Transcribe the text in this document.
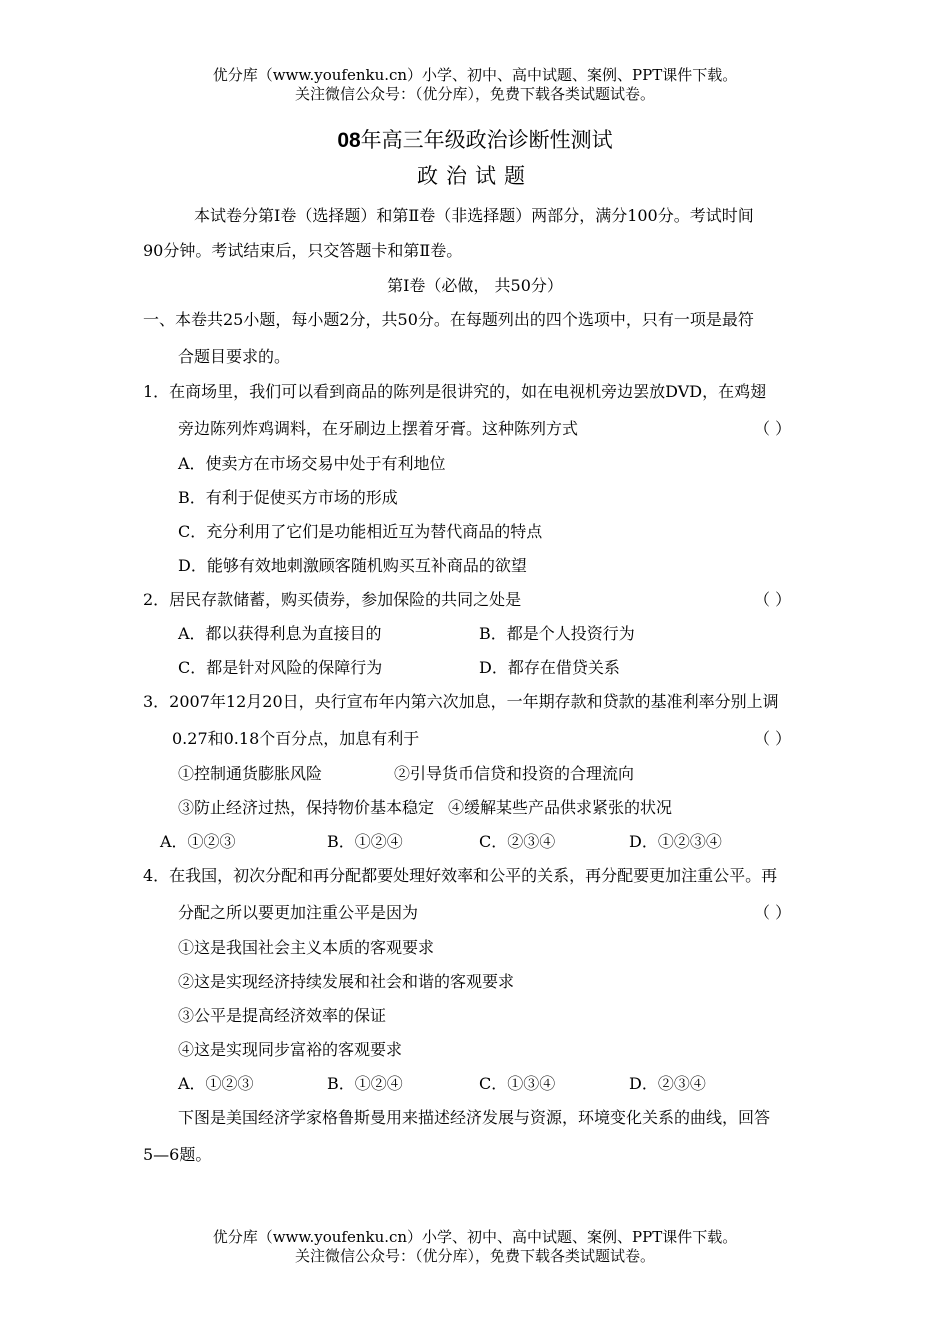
优分库（www.youfenku.cn）小学、初中、高中试题、案例、PPT课件下载。
关注微信公众号：（优分库），免费下载各类试题试卷。
08年高三年级政治诊断性测试
政治试题
本试卷分第Ⅰ卷（选择题）和第Ⅱ卷（非选择题）两部分，满分100分。考试时间
90分钟。考试结束后，只交答题卡和第Ⅱ卷。
第Ⅰ卷（必做， 共50分）
一、本卷共25小题，每小题2分，共50分。在每题列出的四个选项中，只有一项是最符
合题目要求的。
1．在商场里，我们可以看到商品的陈列是很讲究的，如在电视机旁边罢放DVD，在鸡翅
旁边陈列炸鸡调料，在牙刷边上摆着牙膏。这种陈列方式	（ ）
A．使卖方在市场交易中处于有利地位
B．有利于促使买方市场的形成
C．充分利用了它们是功能相近互为替代商品的特点
D．能够有效地刺激顾客随机购买互补商品的欲望
2．居民存款储蓄，购买债券，参加保险的共同之处是	（ ）
A．都以获得利息为直接目的	B．都是个人投资行为
C．都是针对风险的保障行为	D．都存在借贷关系
3．2007年12月20日，央行宣布年内第六次加息，一年期存款和贷款的基准利率分别上调
0.27和0.18个百分点，加息有利于	（ ）
①控制通货膨胀风险	②引导货币信贷和投资的合理流向
③防止经济过热，保持物价基本稳定 ④缓解某些产品供求紧张的状况
A．①②③	B．①②④	C．②③④	D．①②③④
4．在我国，初次分配和再分配都要处理好效率和公平的关系，再分配要更加注重公平。再
分配之所以要更加注重公平是因为	（ ）
①这是我国社会主义本质的客观要求
②这是实现经济持续发展和社会和谐的客观要求
③公平是提高经济效率的保证
④这是实现同步富裕的客观要求
A．①②③	B．①②④	C．①③④	D．②③④
下图是美国经济学家格鲁斯曼用来描述经济发展与资源，环境变化关系的曲线，回答
5—6题。
优分库（www.youfenku.cn）小学、初中、高中试题、案例、PPT课件下载。
关注微信公众号：（优分库），免费下载各类试题试卷。
